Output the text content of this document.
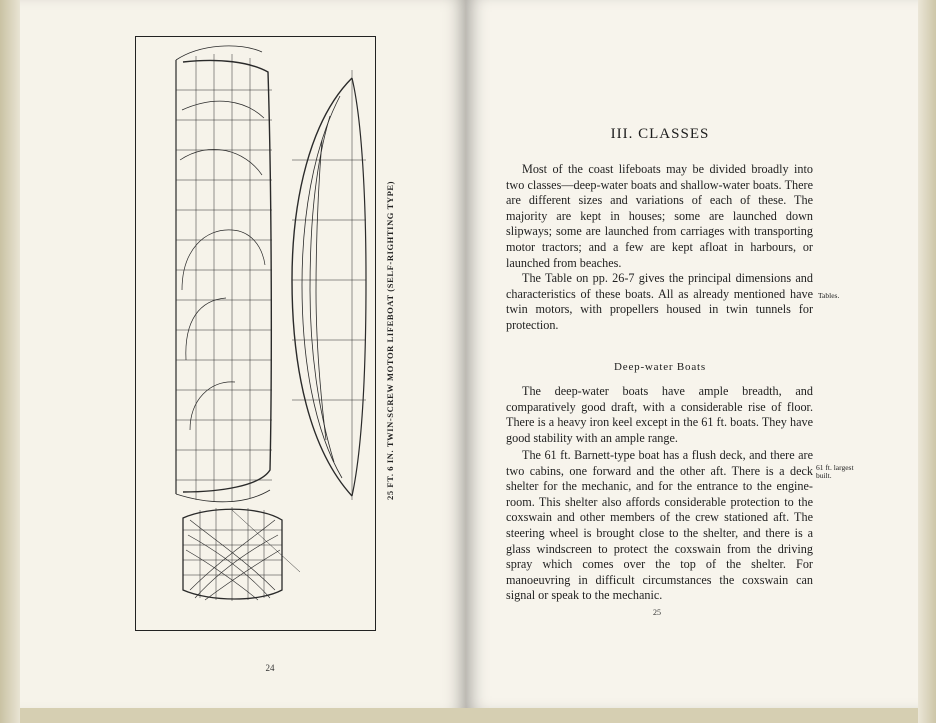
25 FT. 6 IN. TWIN-SCREW MOTOR LIFEBOAT (SELF-RIGHTING TYPE)
24
III. CLASSES

Most of the coast lifeboats may be divided broadly into two classes—deep-water boats and shallow-water boats. There are different sizes and variations of each of these. The majority are kept in houses; some are launched down slipways; some are launched from carriages with transporting motor tractors; and a few are kept afloat in harbours, or launched from beaches.

The Table on pp. 26-7 gives the principal dimensions and characteristics of these boats. All as already mentioned have twin motors, with propellers housed in twin tunnels for protection.

Deep-water Boats

The deep-water boats have ample breadth, and comparatively good draft, with a considerable rise of floor. There is a heavy iron keel except in the 61 ft. boats. They have good stability with an ample range.

The 61 ft. Barnett-type boat has a flush deck, and there are two cabins, one forward and the other aft. There is a deck shelter for the mechanic, and for the entrance to the engine-room. This shelter also affords considerable protection to the coxswain and other members of the crew stationed aft. The steering wheel is brought close to the shelter, and there is a glass windscreen to protect the coxswain from the driving spray which comes over the top of the shelter. For manoeuvring in difficult circumstances the coxswain can signal or speak to the mechanic.

Tables.
61 ft. largest built.
25
